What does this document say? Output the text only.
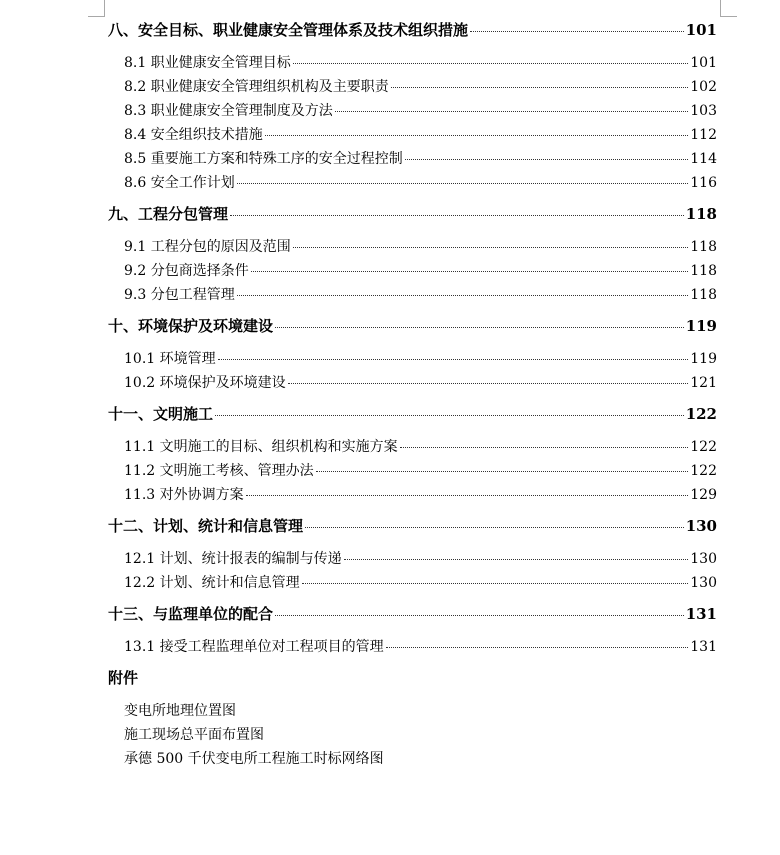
八、安全目标、职业健康安全管理体系及技术组织措施	101
8.1 职业健康安全管理目标	101
8.2 职业健康安全管理组织机构及主要职责	102
8.3 职业健康安全管理制度及方法	103
8.4 安全组织技术措施	112
8.5 重要施工方案和特殊工序的安全过程控制	114
8.6 安全工作计划	116
九、工程分包管理	118
9.1 工程分包的原因及范围	118
9.2 分包商选择条件	118
9.3 分包工程管理	118
十、环境保护及环境建设	119
10.1 环境管理	119
10.2 环境保护及环境建设	121
十一、文明施工	122
11.1 文明施工的目标、组织机构和实施方案	122
11.2 文明施工考核、管理办法	122
11.3 对外协调方案	129
十二、计划、统计和信息管理	130
12.1 计划、统计报表的编制与传递	130
12.2 计划、统计和信息管理	130
十三、与监理单位的配合	131
13.1 接受工程监理单位对工程项目的管理	131
附件
变电所地理位置图
施工现场总平面布置图
承德 500 千伏变电所工程施工时标网络图
